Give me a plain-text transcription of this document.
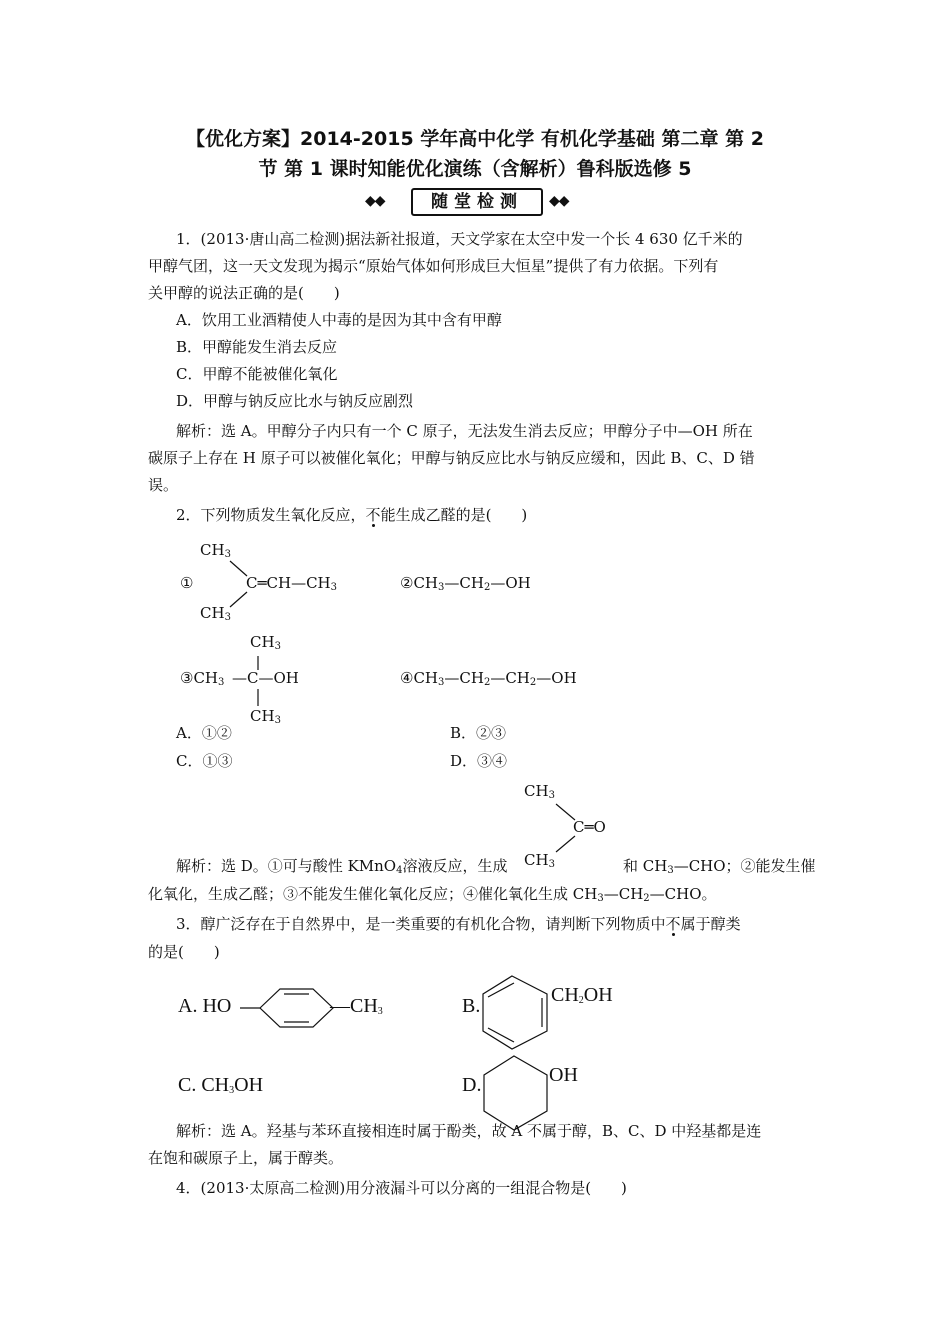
【优化方案】2014-2015 学年高中化学 有机化学基础 第二章 第 2
节 第 1 课时知能优化演练（含解析）鲁科版选修 5
◆◆	随堂检测	◆◆
1．(2013·唐山高二检测)据法新社报道，天文学家在太空中发一个长 4 630 亿千米的
甲醇气团，这一天文发现为揭示“原始气体如何形成巨大恒星”提供了有力依据。下列有
关甲醇的说法正确的是(　　)
A．饮用工业酒精使人中毒的是因为其中含有甲醇
B．甲醇能发生消去反应
C．甲醇不能被催化氧化
D．甲醇与钠反应比水与钠反应剧烈
解析：选 A。甲醇分子内只有一个 C 原子，无法发生消去反应；甲醇分子中—OH 所在
碳原子上存在 H 原子可以被催化氧化；甲醇与钠反应比水与钠反应缓和，因此 B、C、D 错
误。
2．下列物质发生氧化反应，不能生成乙醛的是(　　)
$CH_3$
①	$C═CH—CH_3$
$CH_3$
$②CH_3—CH_2—OH$
$CH_3$
$③CH_3$ —C—OH
$CH_3$
$④CH_3—CH_2—CH_2—OH$
A．①②	B．②③
C．①③	D．③④
$CH_3$
C═O
$CH_3$
解析：选 D。①可与酸性 KMnO$_4$溶液反应，生成	和 $CH_3—CHO$；②能发生催
化氧化，生成乙醛；③不能发生催化氧化反应；④催化氧化生成 $CH_3—CH_2—CHO$。
3．醇广泛存在于自然界中，是一类重要的有机化合物，请判断下列物质中不属于醇类
的是(　　)
A. HO	$—CH_3$	B.	$CH_2OH$
C. $CH_3OH$	D.	OH
解析：选 A。羟基与苯环直接相连时属于酚类，故 A 不属于醇，B、C、D 中羟基都是连
在饱和碳原子上，属于醇类。
4．(2013·太原高二检测)用分液漏斗可以分离的一组混合物是(　　)
